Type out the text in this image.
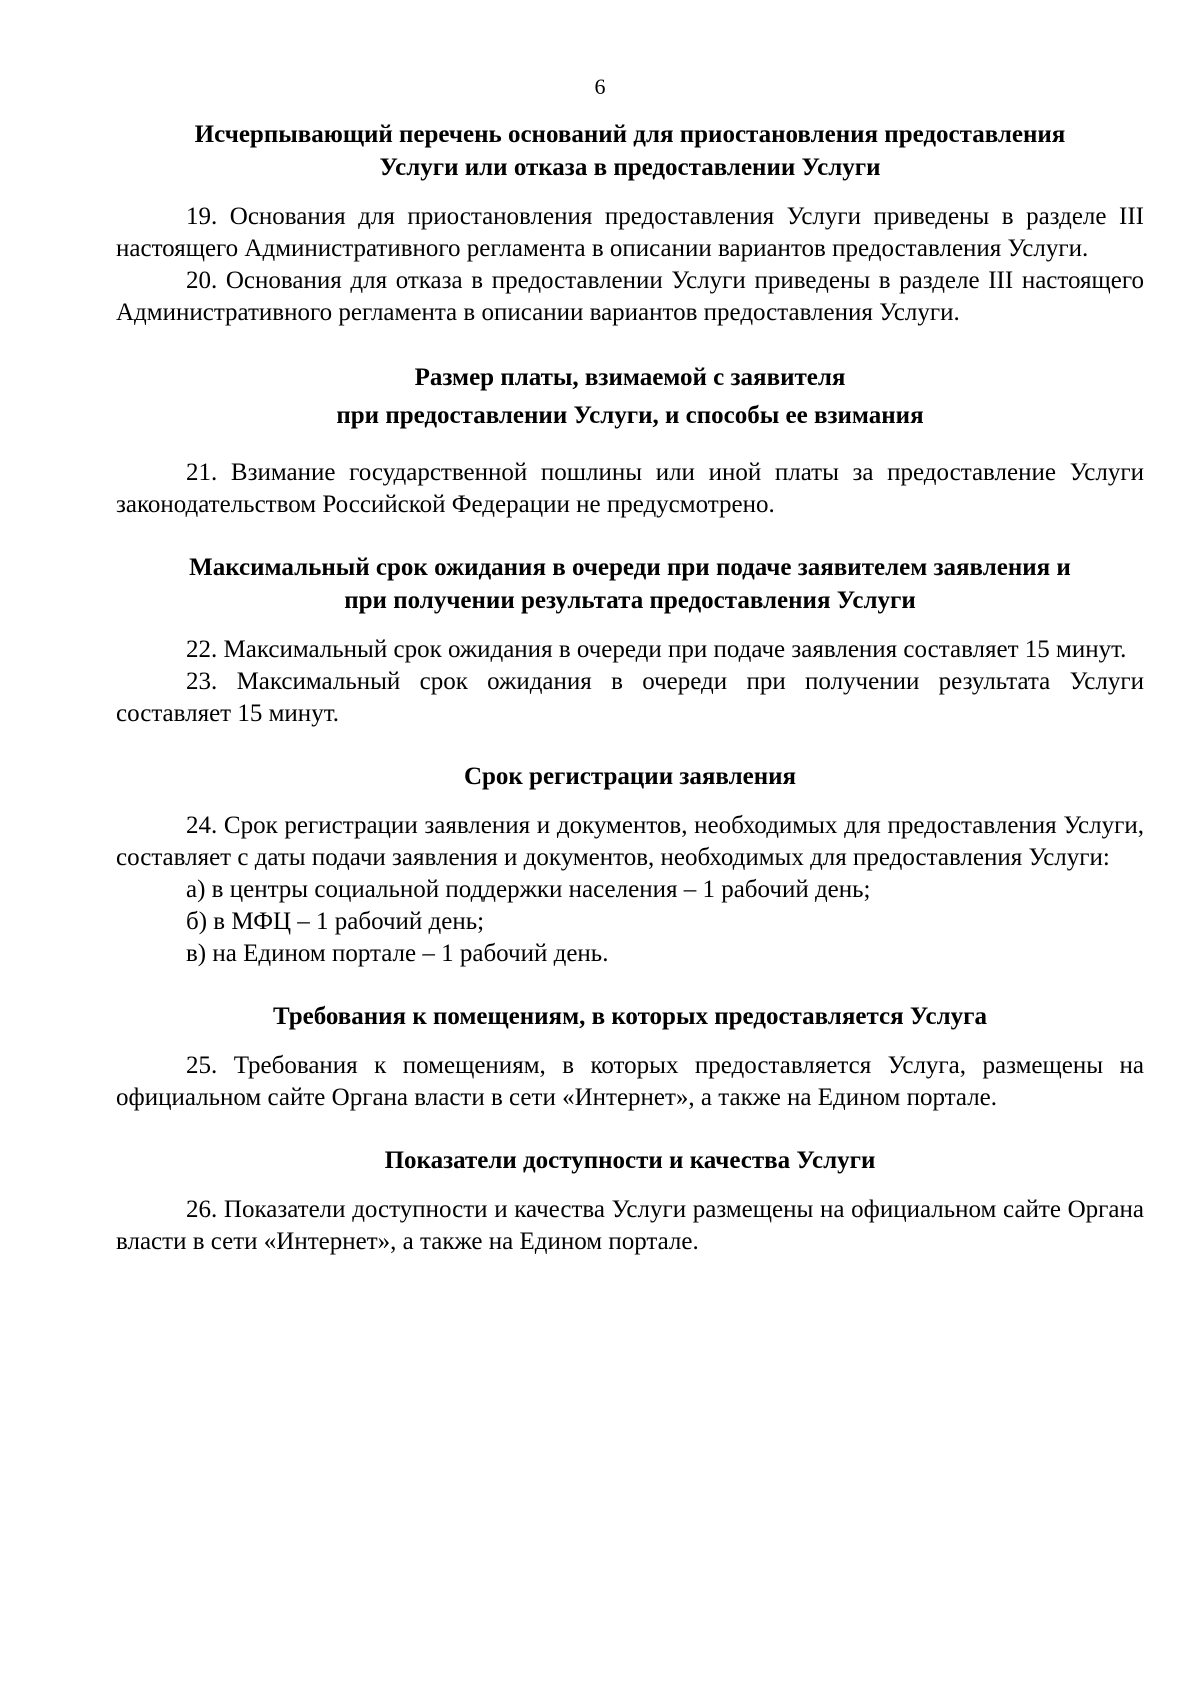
6
Исчерпывающий перечень оснований для приостановления предоставления
Услуги или отказа в предоставлении Услуги

19. Основания для приостановления предоставления Услуги приведены в разделе III настоящего Административного регламента в описании вариантов предоставления Услуги.

20. Основания для отказа в предоставлении Услуги приведены в разделе III настоящего Административного регламента в описании вариантов предоставления Услуги.

Размер платы, взимаемой с заявителя
при предоставлении Услуги, и способы ее взимания

21. Взимание государственной пошлины или иной платы за предоставление Услуги законодательством Российской Федерации не предусмотрено.

Максимальный срок ожидания в очереди при подаче заявителем заявления и
при получении результата предоставления Услуги

22. Максимальный срок ожидания в очереди при подаче заявления составляет 15 минут.

23. Максимальный срок ожидания в очереди при получении результата Услуги составляет 15 минут.

Срок регистрации заявления

24. Срок регистрации заявления и документов, необходимых для предоставления Услуги, составляет с даты подачи заявления и документов, необходимых для предоставления Услуги:

а) в центры социальной поддержки населения – 1 рабочий день;

б) в МФЦ – 1 рабочий день;

в) на Едином портале – 1 рабочий день.

Требования к помещениям, в которых предоставляется Услуга

25. Требования к помещениям, в которых предоставляется Услуга, размещены на официальном сайте Органа власти в сети «Интернет», а также на Едином портале.

Показатели доступности и качества Услуги

26. Показатели доступности и качества Услуги размещены на официальном сайте Органа власти в сети «Интернет», а также на Едином портале.
